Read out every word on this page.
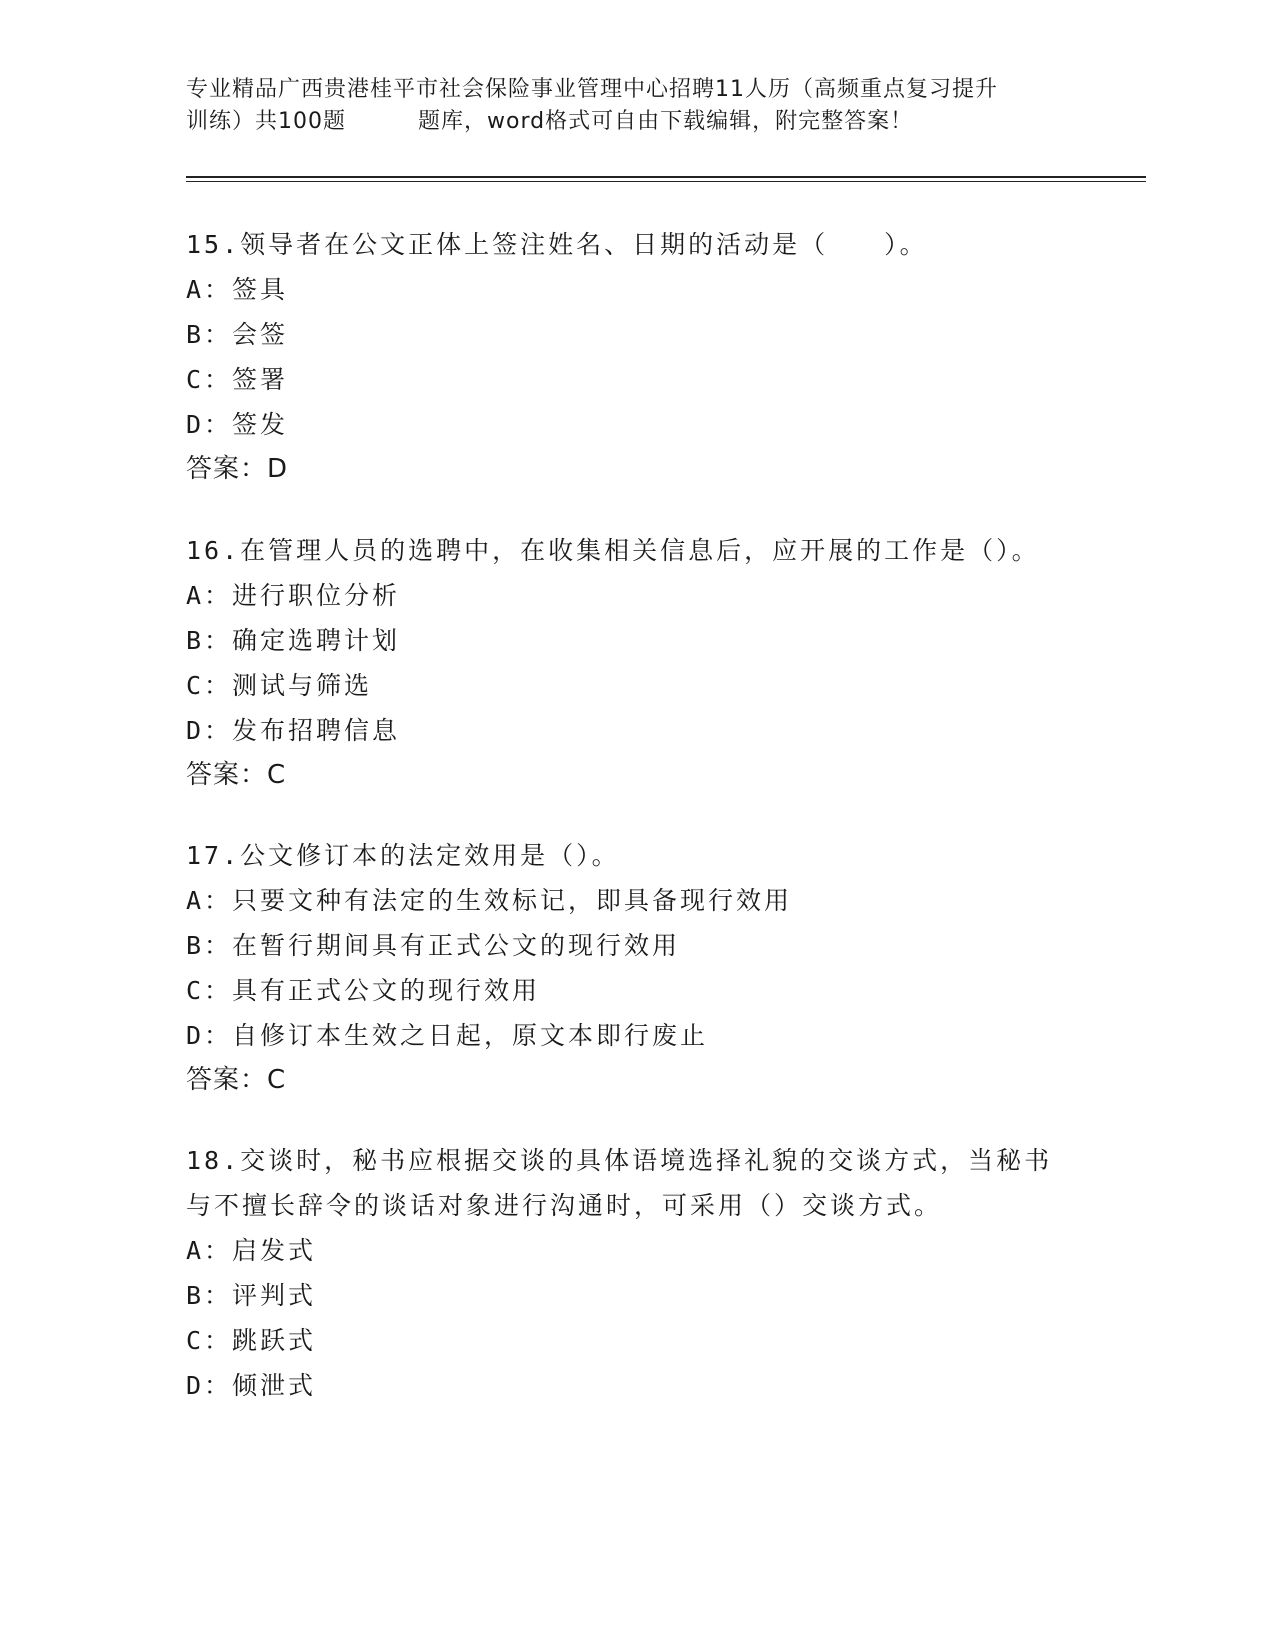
专业精品广西贵港桂平市社会保险事业管理中心招聘11人历（高频重点复习提升
训练）共100题	题库，word格式可自由下载编辑，附完整答案！
15.领导者在公文正体上签注姓名、日期的活动是（　　）。
A：签具
B：会签
C：签署
D：签发
答案：D
16.在管理人员的选聘中，在收集相关信息后，应开展的工作是（）。
A：进行职位分析
B：确定选聘计划
C：测试与筛选
D：发布招聘信息
答案：C
17.公文修订本的法定效用是（）。
A：只要文种有法定的生效标记，即具备现行效用
B：在暂行期间具有正式公文的现行效用
C：具有正式公文的现行效用
D：自修订本生效之日起，原文本即行废止
答案：C
18.交谈时，秘书应根据交谈的具体语境选择礼貌的交谈方式，当秘书
与不擅长辞令的谈话对象进行沟通时，可采用（）交谈方式。
A：启发式
B：评判式
C：跳跃式
D：倾泄式
